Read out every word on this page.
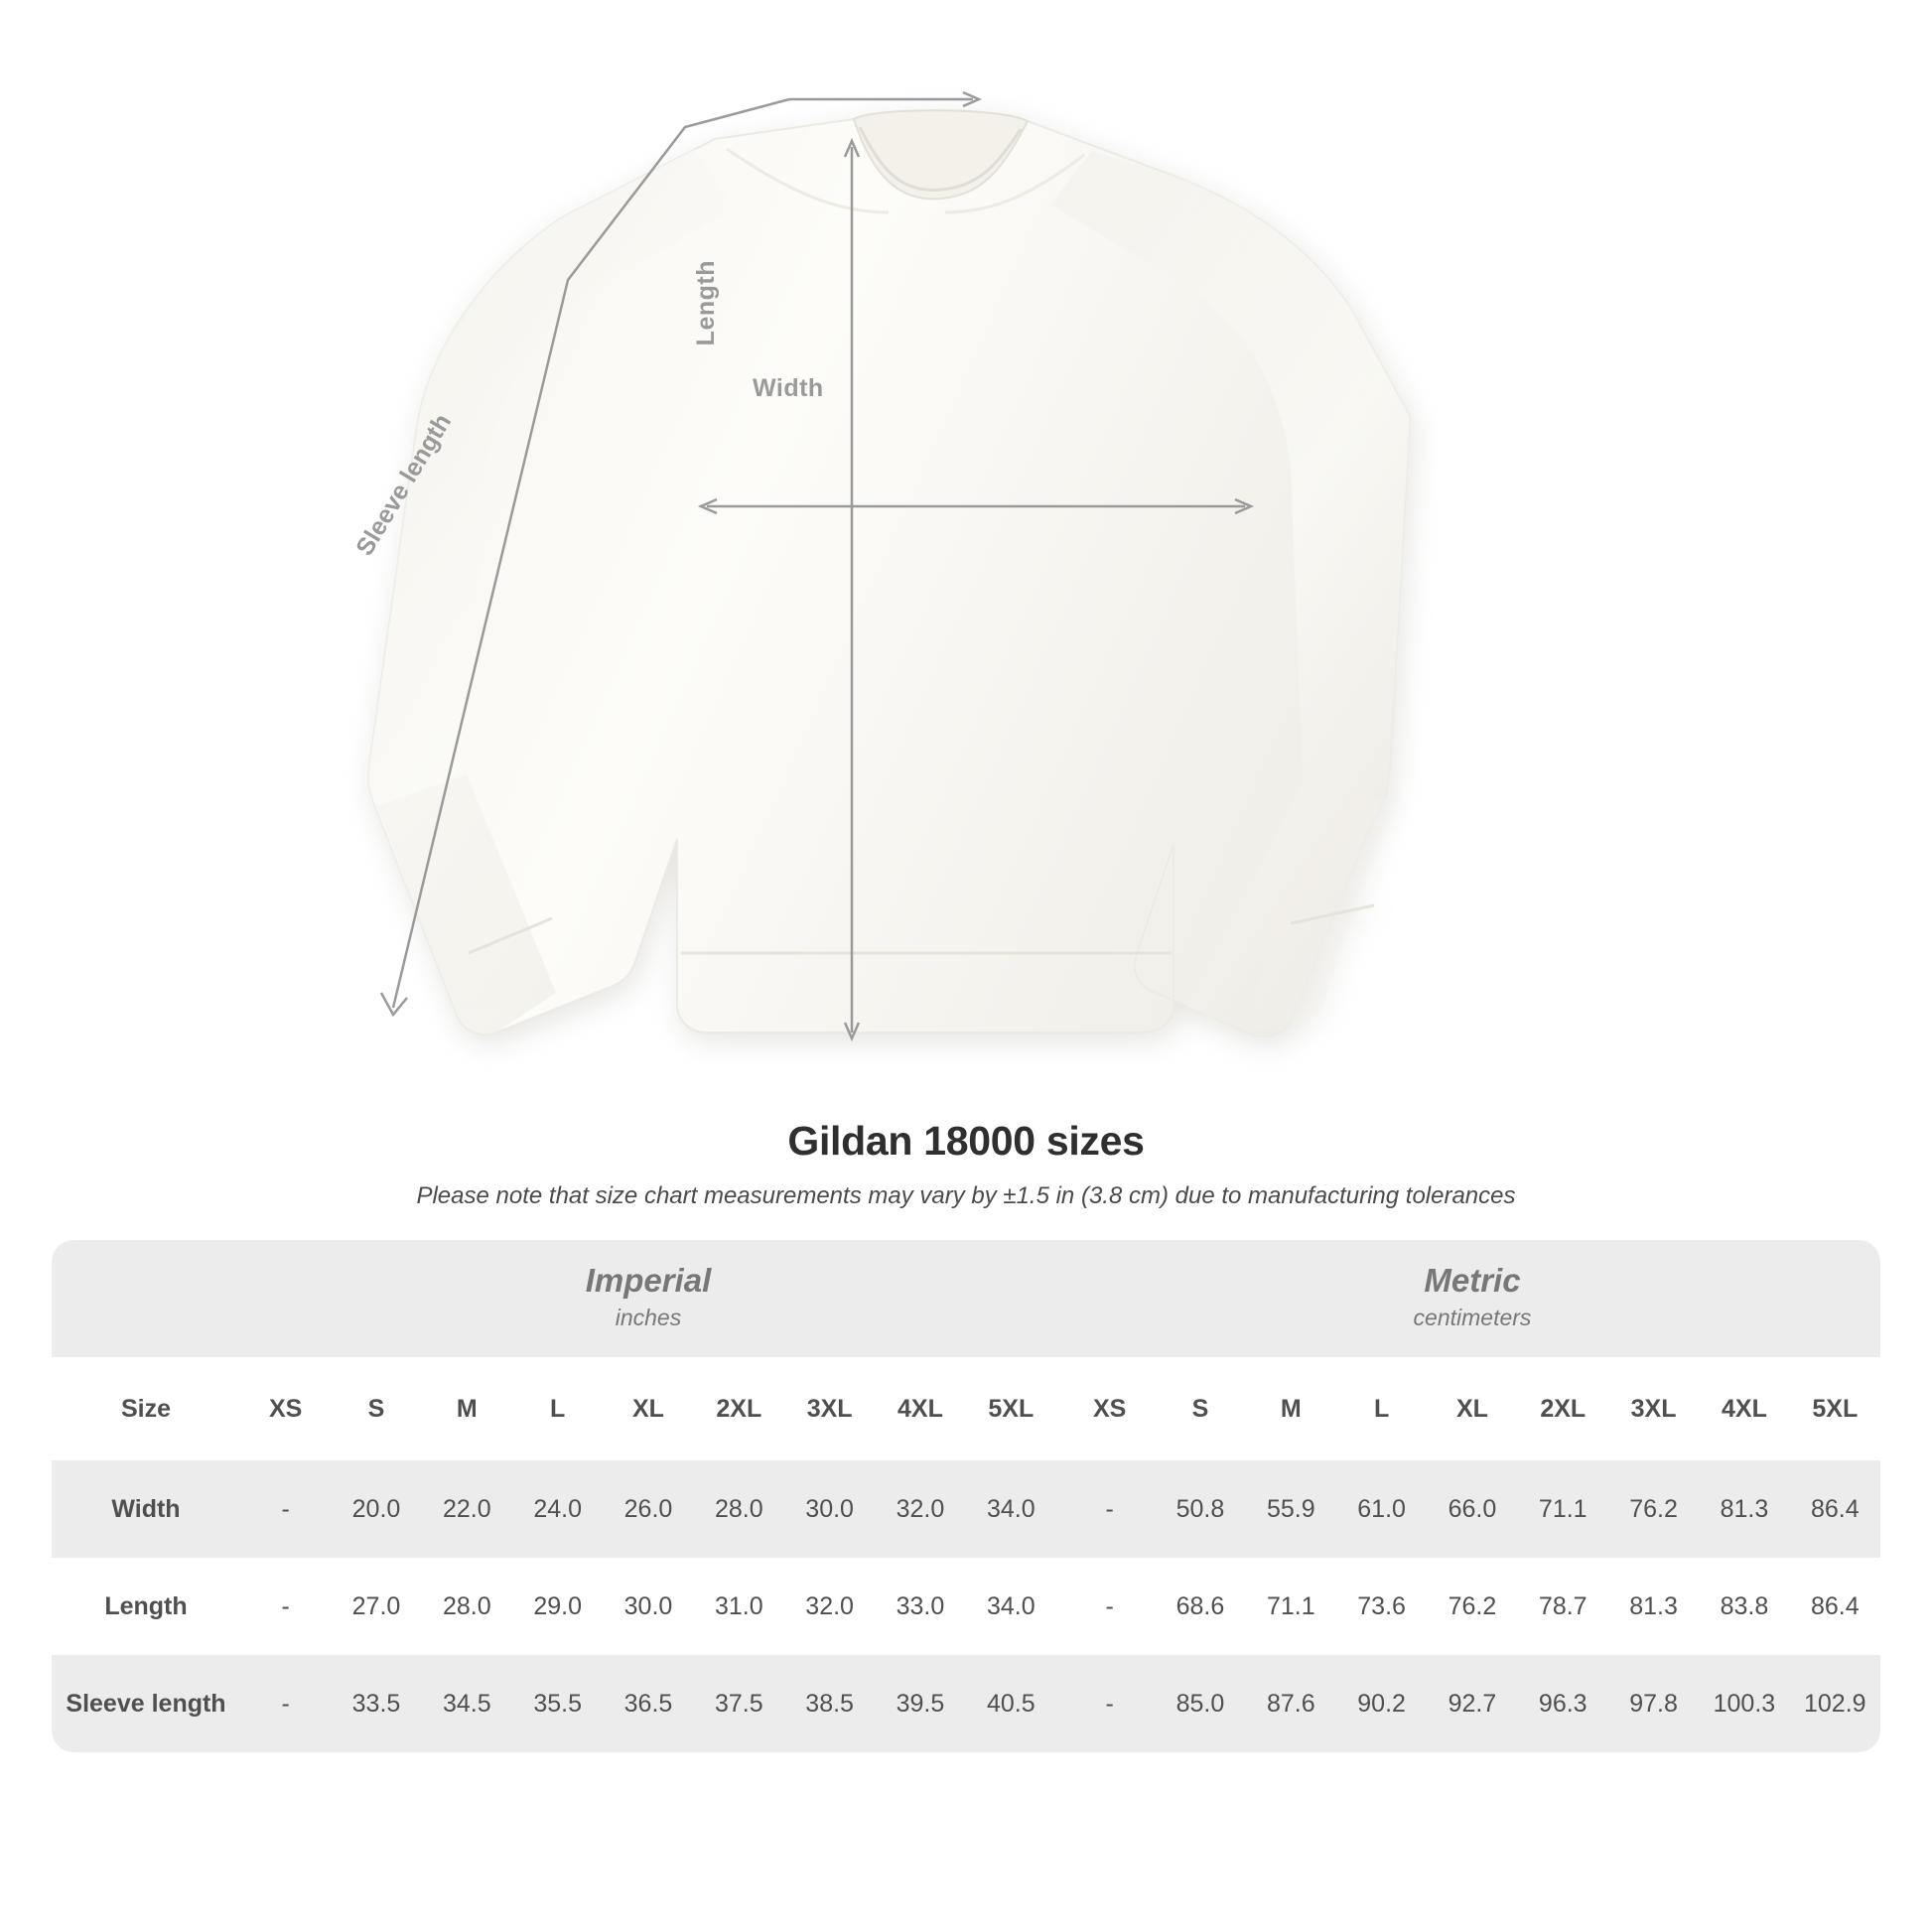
Length
Width
Sleeve length
Gildan 18000 sizes
Please note that size chart measurements may vary by ±1.5 in (3.8 cm) due to manufacturing tolerances

Imperial
inches

Metric
centimeters

Size	XS	S	M	L	XL	2XL	3XL	4XL	5XL		XS	S	M	L	XL	2XL	3XL	4XL	5XL
Width	-	20.0	22.0	24.0	26.0	28.0	30.0	32.0	34.0		-	50.8	55.9	61.0	66.0	71.1	76.2	81.3	86.4
Length	-	27.0	28.0	29.0	30.0	31.0	32.0	33.0	34.0		-	68.6	71.1	73.6	76.2	78.7	81.3	83.8	86.4
Sleeve length	-	33.5	34.5	35.5	36.5	37.5	38.5	39.5	40.5		-	85.0	87.6	90.2	92.7	96.3	97.8	100.3	102.9
